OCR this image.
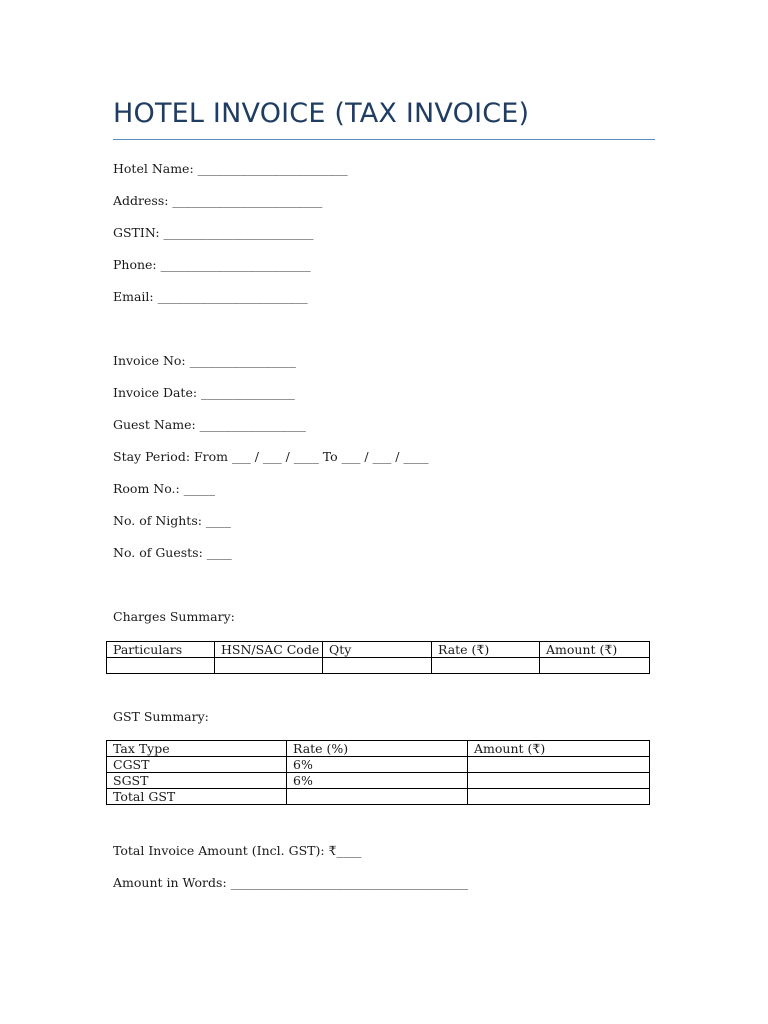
HOTEL INVOICE (TAX INVOICE)

Hotel Name: ________________________

Address: ________________________

GSTIN: ________________________

Phone: ________________________

Email: ________________________

Invoice No: _________________

Invoice Date: _______________

Guest Name: _________________

Stay Period: From ___ / ___ / ____ To ___ / ___ / ____

Room No.: _____

No. of Nights: ____

No. of Guests: ____

Charges Summary:

Particulars	HSN/SAC Code	Qty	Rate (₹)	Amount (₹)

GST Summary:

Tax Type	Rate (%)	Amount (₹)
CGST	6%	
SGST	6%	
Total GST		

Total Invoice Amount (Incl. GST): ₹____

Amount in Words: ______________________________________
